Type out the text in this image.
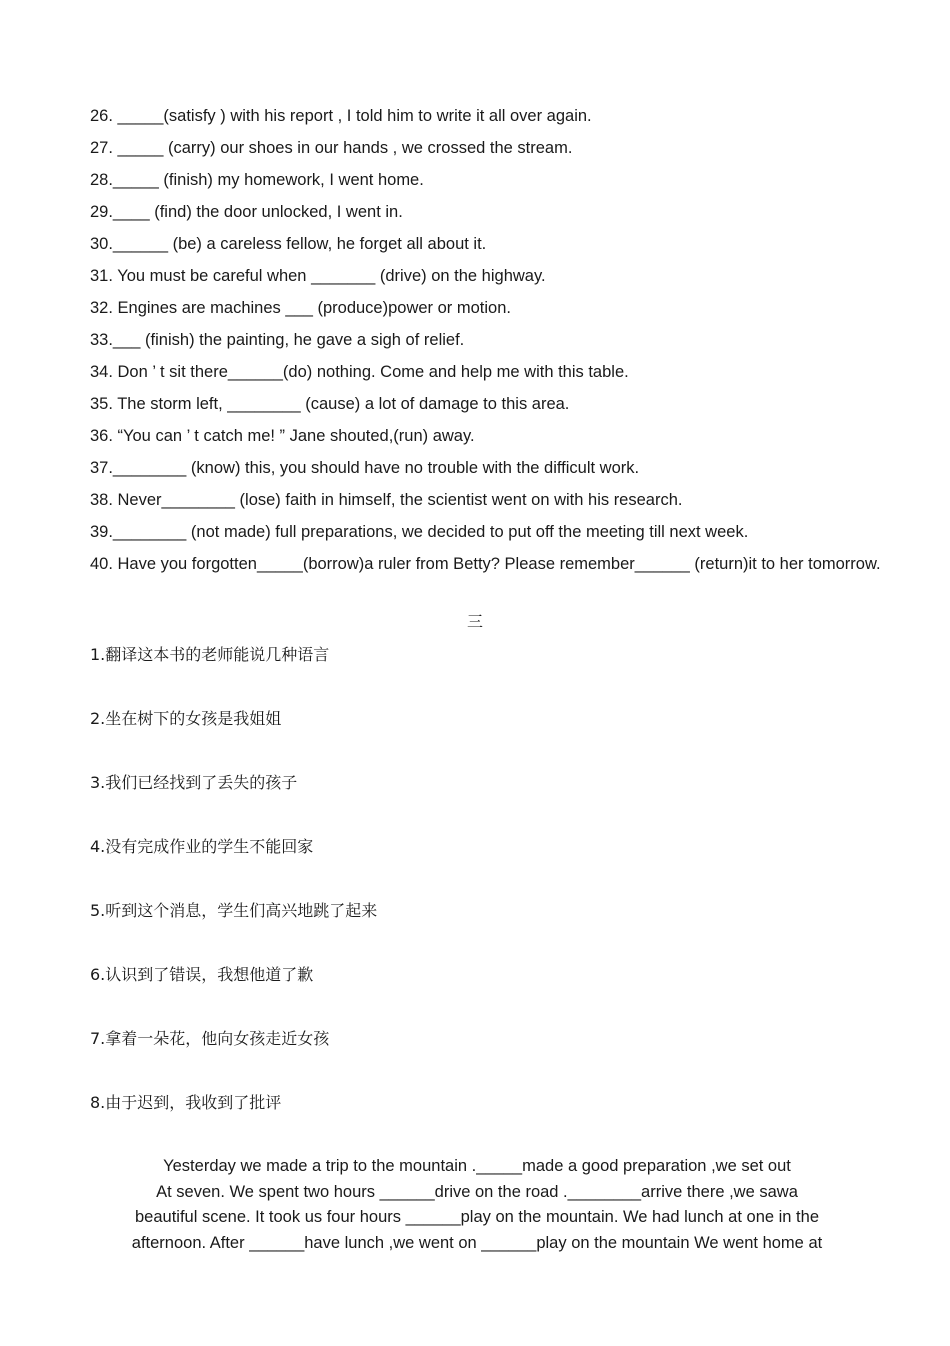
26. _____(satisfy ) with his report , I told him to write it all over again.
27. _____ (carry) our shoes in our hands , we crossed the stream.
28._____ (finish) my homework, I went home.
29.____ (find) the door unlocked, I went in.
30.______ (be) a careless fellow, he forget all about it.
31. You must be careful when _______ (drive) on the highway.
32. Engines are machines ___ (produce)power or motion.
33.___ (finish) the painting, he gave a sigh of relief.
34. Don ’ t sit there______(do) nothing. Come and help me with this table.
35. The storm left, ________ (cause) a lot of damage to this area.
36. “You can ’ t catch me! ” Jane shouted,(run) away.
37.________ (know) this, you should have no trouble with the difficult work.
38. Never________ (lose) faith in himself, the scientist went on with his research.
39.________ (not made) full preparations, we decided to put off the meeting till next week.
40. Have you forgotten_____(borrow)a ruler from Betty? Please remember______ (return)it to her tomorrow.
三
1.翻译这本书的老师能说几种语言
2.坐在树下的女孩是我姐姐
3.我们已经找到了丢失的孩子
4.没有完成作业的学生不能回家
5.听到这个消息，学生们高兴地跳了起来
6.认识到了错误，我想他道了歉
7.拿着一朵花，他向女孩走近女孩
8.由于迟到，我收到了批评
Yesterday we made a trip to the mountain ._____made a good preparation ,we set out
At seven. We spent two hours ______drive on the road .________arrive there ,we sawa
beautiful scene. It took us four hours ______play on the mountain. We had lunch at one in the
afternoon. After ______have lunch ,we went on ______play on the mountain We went home at
